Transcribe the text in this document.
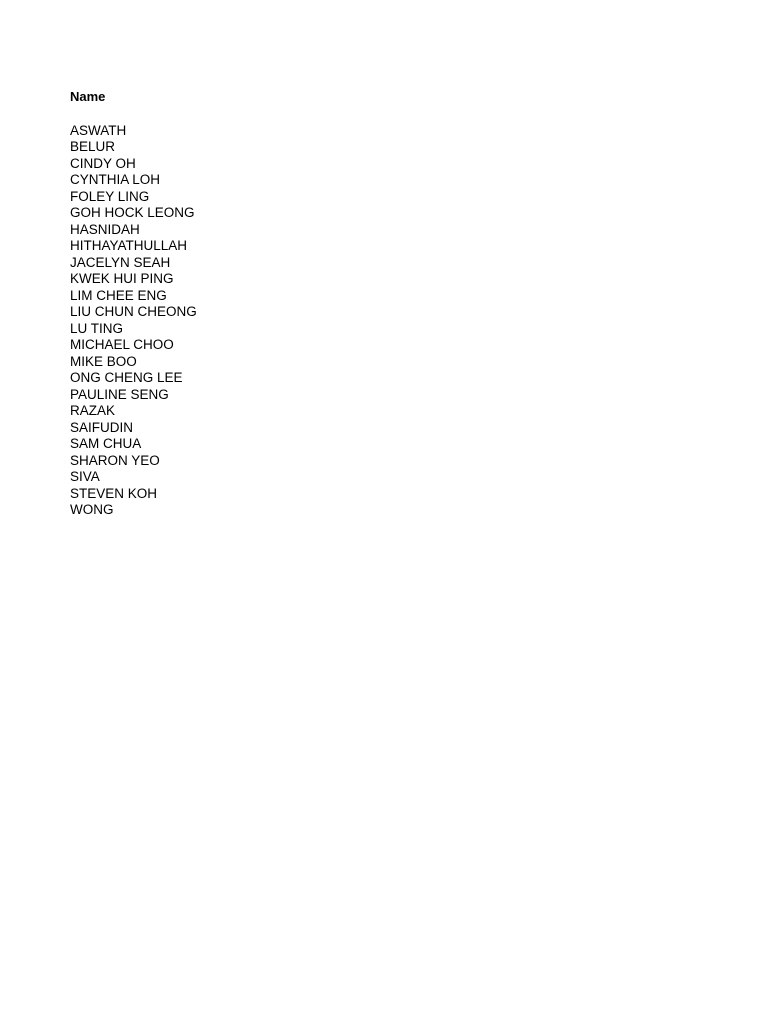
Name
ASWATH
BELUR
CINDY OH
CYNTHIA LOH
FOLEY LING
GOH HOCK LEONG
HASNIDAH
HITHAYATHULLAH
JACELYN SEAH
KWEK HUI PING
LIM CHEE ENG
LIU CHUN CHEONG
LU TING
MICHAEL CHOO
MIKE BOO
ONG CHENG LEE
PAULINE SENG
RAZAK
SAIFUDIN
SAM CHUA
SHARON YEO
SIVA
STEVEN KOH
WONG
